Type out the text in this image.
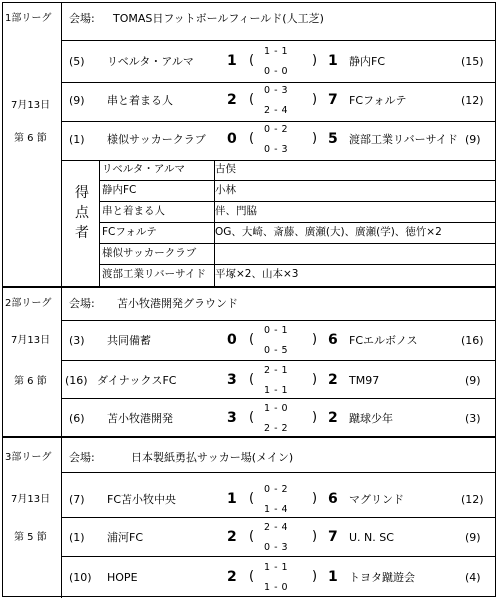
1部リーグ 会場: TOMAS日フットボールフィールド(人工芝)
7月13日
第 6 節
(5) リベルタ・アルマ 1 (
1 - 1
0 - 0
) 1 静内FC	(15)
(9) 串と着まる人	2 (
0 - 3
2 - 4
) 7 FCフォルテ	(12)
(1) 様似サッカークラブ 0 (
0 - 2
0 - 3
) 5 渡部工業リバーサイド (9)
得点者
リベルタ・アルマ	古俣
静内FC	小林
串と着まる人	伴、門脇
FCフォルテ	OG、大崎、斎藤、廣瀬(大)、廣瀬(学)、徳竹×2
様似サッカークラブ
渡部工業リバーサイド 平塚×2、山本×3
2部リーグ 会場: 苫小牧港開発グラウンド
7月13日
第 6 節
(3) 共同備蓄	0 (
0 - 1
0 - 5
) 6 FCエルボノス	(16)
(16) ダイナックスFC	3 (
2 - 1
1 - 1
) 2 TM97	(9)
(6) 苫小牧港開発	3 (
1 - 0
2 - 2
) 2 蹴球少年	(3)
3部リーグ 会場:	日本製紙勇払サッカー場(メイン)
7月13日
第 5 節
(7) FC苫小牧中央	1 (
0 - 2
1 - 4
) 6 マグリンド	(12)
(1) 浦河FC	2 (
2 - 4
0 - 3
) 7 U. N. SC	(9)
(10) HOPE	2 (
1 - 1
1 - 0
) 1 トヨタ蹴遊会	(4)
